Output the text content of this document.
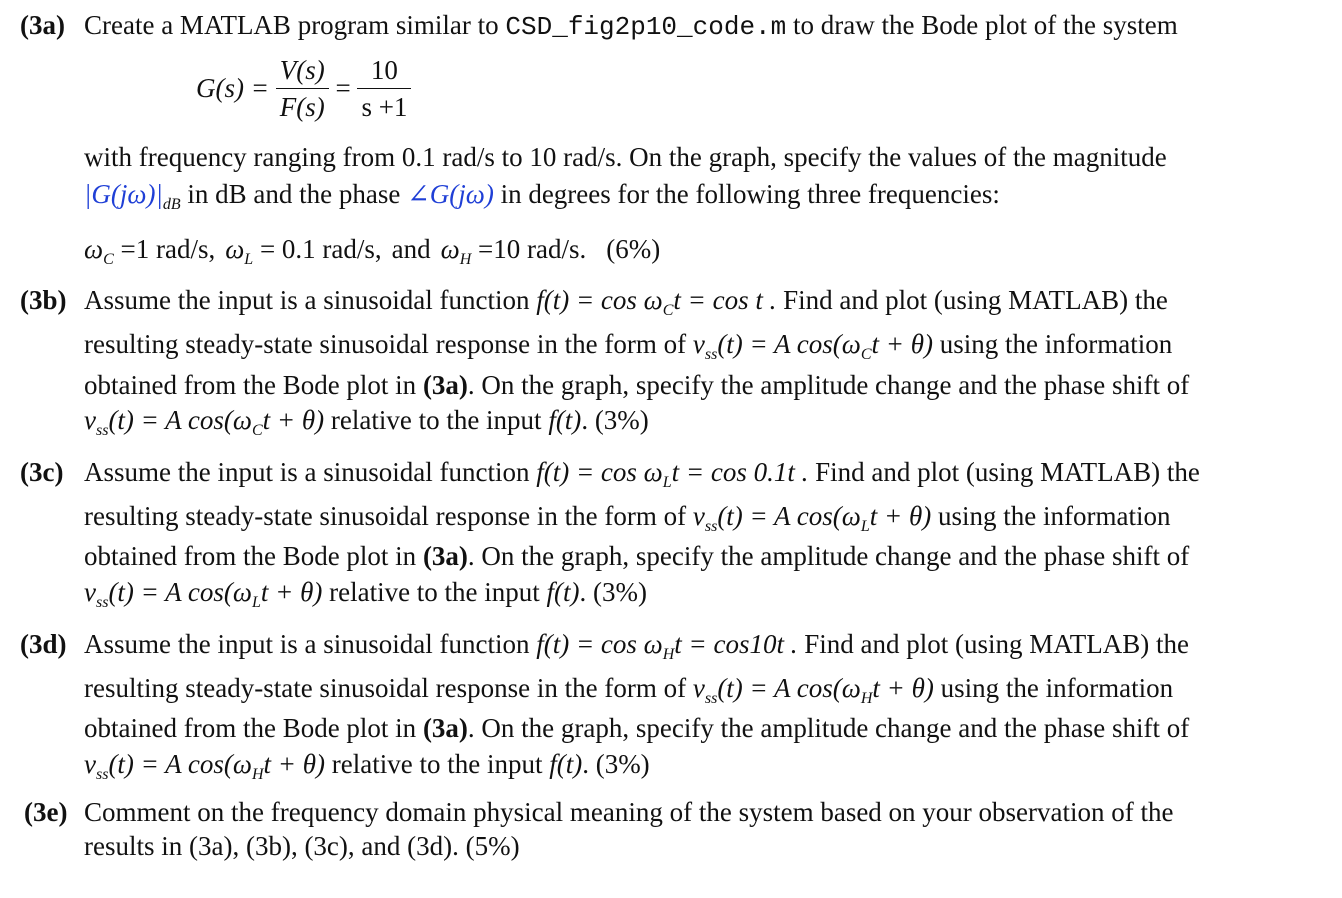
(3a) Create a MATLAB program similar to CSD_fig2p10_code.m to draw the Bode plot of the system
$G(s) = \frac{V(s)}{F(s)} = \frac{10}{s +1}$
with frequency ranging from 0.1 rad/s to 10 rad/s. On the graph, specify the values of the magnitude
$|G(j\omega)|_{dB}$ in dB and the phase ∠G(jω) in degrees for the following three frequencies:
$\omega_C =1$ rad/s, $\omega_L = 0.1$ rad/s, and $\omega_H =10$ rad/s. (6%)
(3b) Assume the input is a sinusoidal function $f(t) = \cos \omega_Ct = \cos t$ . Find and plot (using MATLAB) the
resulting steady-state sinusoidal response in the form of $v_{ss}(t) = A$ $\cos(\omega_Ct + \theta)$ using the information
obtained from the Bode plot in (3a). On the graph, specify the amplitude change and the phase shift of
$v_{ss}(t) = A$ $\cos(\omega_Ct + \theta)$ relative to the input f(t). (3%)
(3c) Assume the input is a sinusoidal function $f(t) = \cos \omega_Lt = \cos 0.1t$ . Find and plot (using MATLAB) the
resulting steady-state sinusoidal response in the form of $v_{ss}(t) = A$ $\cos(\omega_Lt + \theta)$ using the information
obtained from the Bode plot in (3a). On the graph, specify the amplitude change and the phase shift of
$v_{ss}(t) = A$ $\cos(\omega_Lt + \theta)$ relative to the input f(t). (3%)
(3d) Assume the input is a sinusoidal function $f(t) = \cos \omega_Ht = \cos 10t$ . Find and plot (using MATLAB) the
resulting steady-state sinusoidal response in the form of $v_{ss}(t) = A$ $\cos(\omega_Ht + \theta)$ using the information
obtained from the Bode plot in (3a). On the graph, specify the amplitude change and the phase shift of
$v_{ss}(t) = A$ $\cos(\omega_Ht + \theta)$ relative to the input f(t). (3%)
(3e) Comment on the frequency domain physical meaning of the system based on your observation of the
results in (3a), (3b), (3c), and (3d). (5%)
